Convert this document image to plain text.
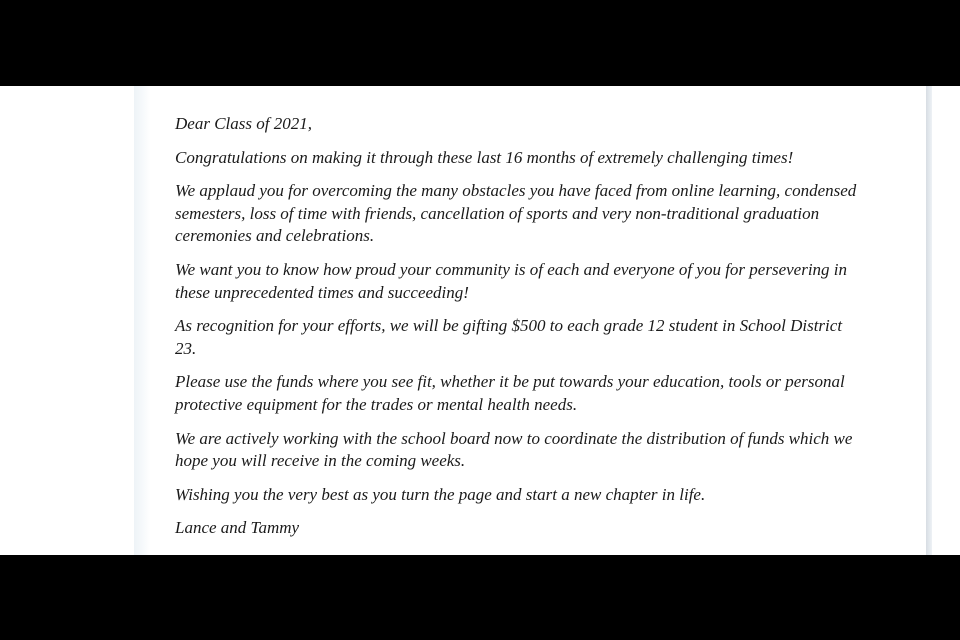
Dear Class of 2021,

Congratulations on making it through these last 16 months of extremely challenging times!

We applaud you for overcoming the many obstacles you have faced from online learning, condensed
semesters, loss of time with friends, cancellation of sports and very non-traditional graduation
ceremonies and celebrations.

We want you to know how proud your community is of each and everyone of you for persevering in
these unprecedented times and succeeding!

As recognition for your efforts, we will be gifting $500 to each grade 12 student in School District
23.

Please use the funds where you see fit, whether it be put towards your education, tools or personal
protective equipment for the trades or mental health needs.

We are actively working with the school board now to coordinate the distribution of funds which we
hope you will receive in the coming weeks.

Wishing you the very best as you turn the page and start a new chapter in life.

Lance and Tammy
